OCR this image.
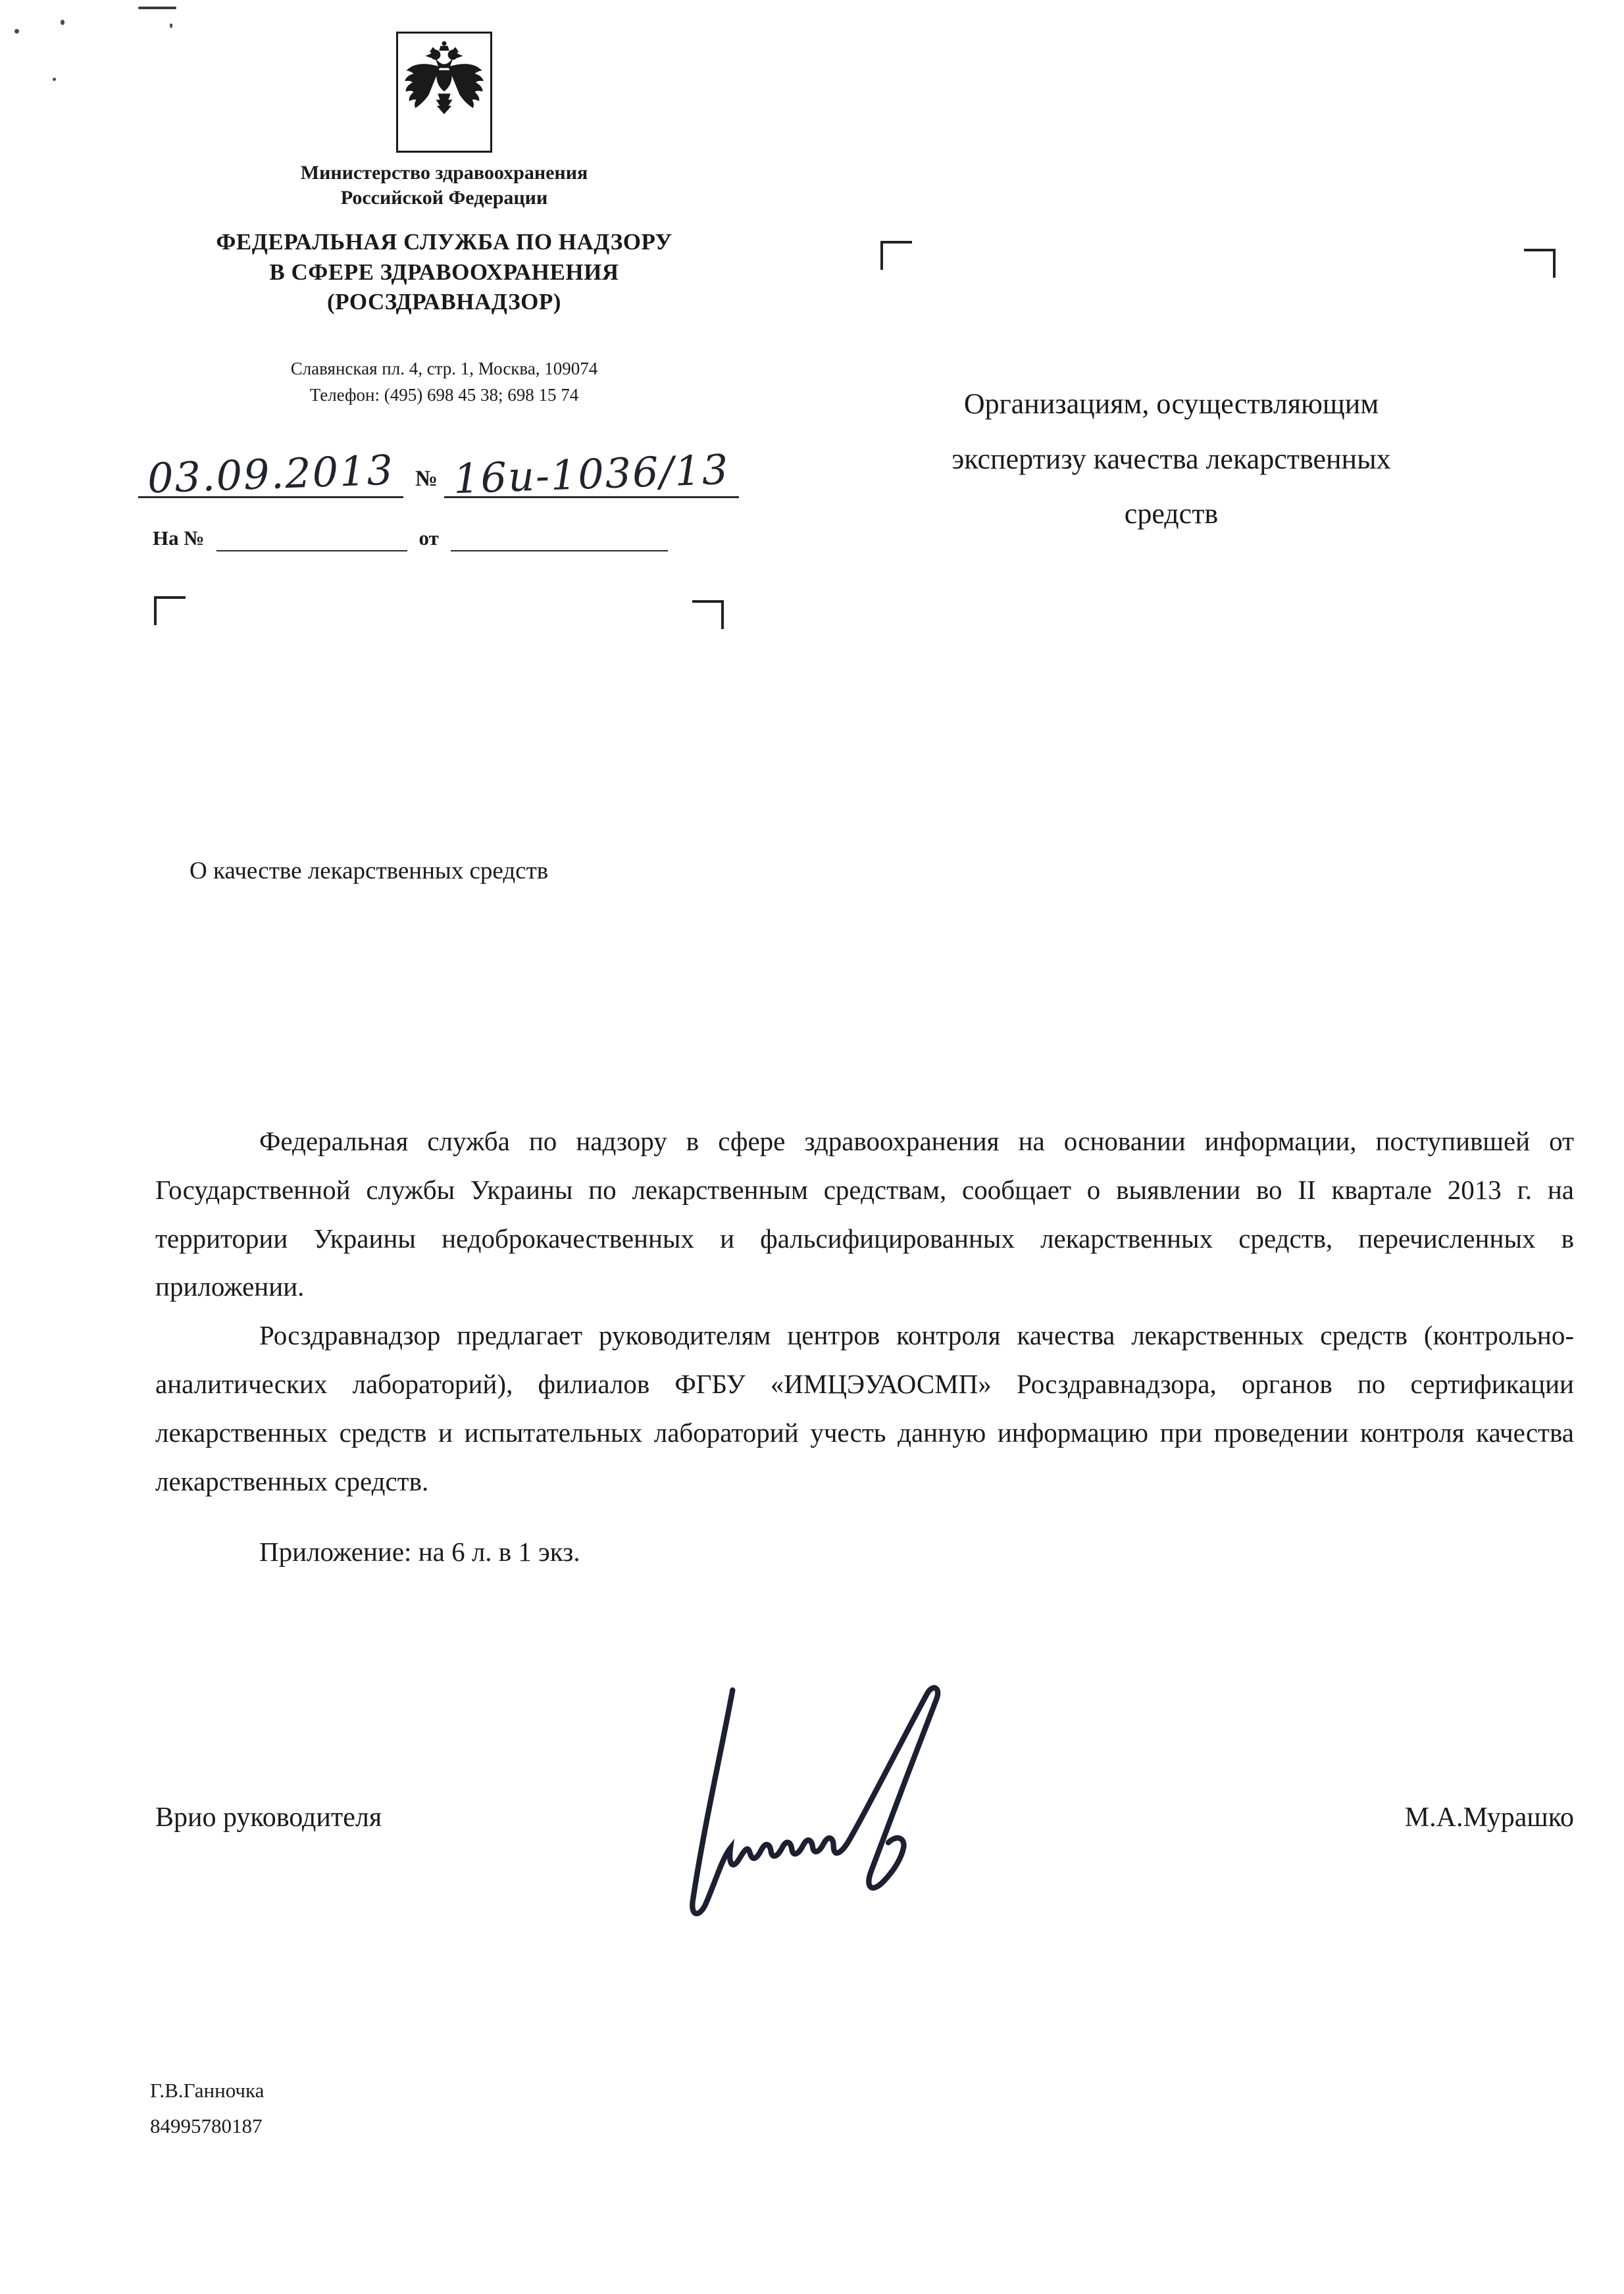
Министерство здравоохранения
Российской Федерации
ФЕДЕРАЛЬНАЯ СЛУЖБА ПО НАДЗОРУ
В СФЕРЕ ЗДРАВООХРАНЕНИЯ
(РОСЗДРАВНАДЗОР)
Славянская пл. 4, стр. 1, Москва, 109074
Телефон: (495) 698 45 38; 698 15 74
03.09.2013 № 16и-1036/13
На №	от
Организациям, осуществляющим
экспертизу качества лекарственных
средств
О качестве лекарственных средств

Федеральная служба по надзору в сфере здравоохранения на основании информации, поступившей от Государственной службы Украины по лекарственным средствам, сообщает о выявлении во II квартале 2013 г. на территории Украины недоброкачественных и фальсифицированных лекарственных средств, перечисленных в приложении.

Росздравнадзор предлагает руководителям центров контроля качества лекарственных средств (контрольно-аналитических лабораторий), филиалов ФГБУ «ИМЦЭУАОСМП» Росздравнадзора, органов по сертификации лекарственных средств и испытательных лабораторий учесть данную информацию при проведении контроля качества лекарственных средств.

Приложение: на 6 л. в 1 экз.
Врио руководителя	М.А.Мурашко
Г.В.Ганночка
84995780187
